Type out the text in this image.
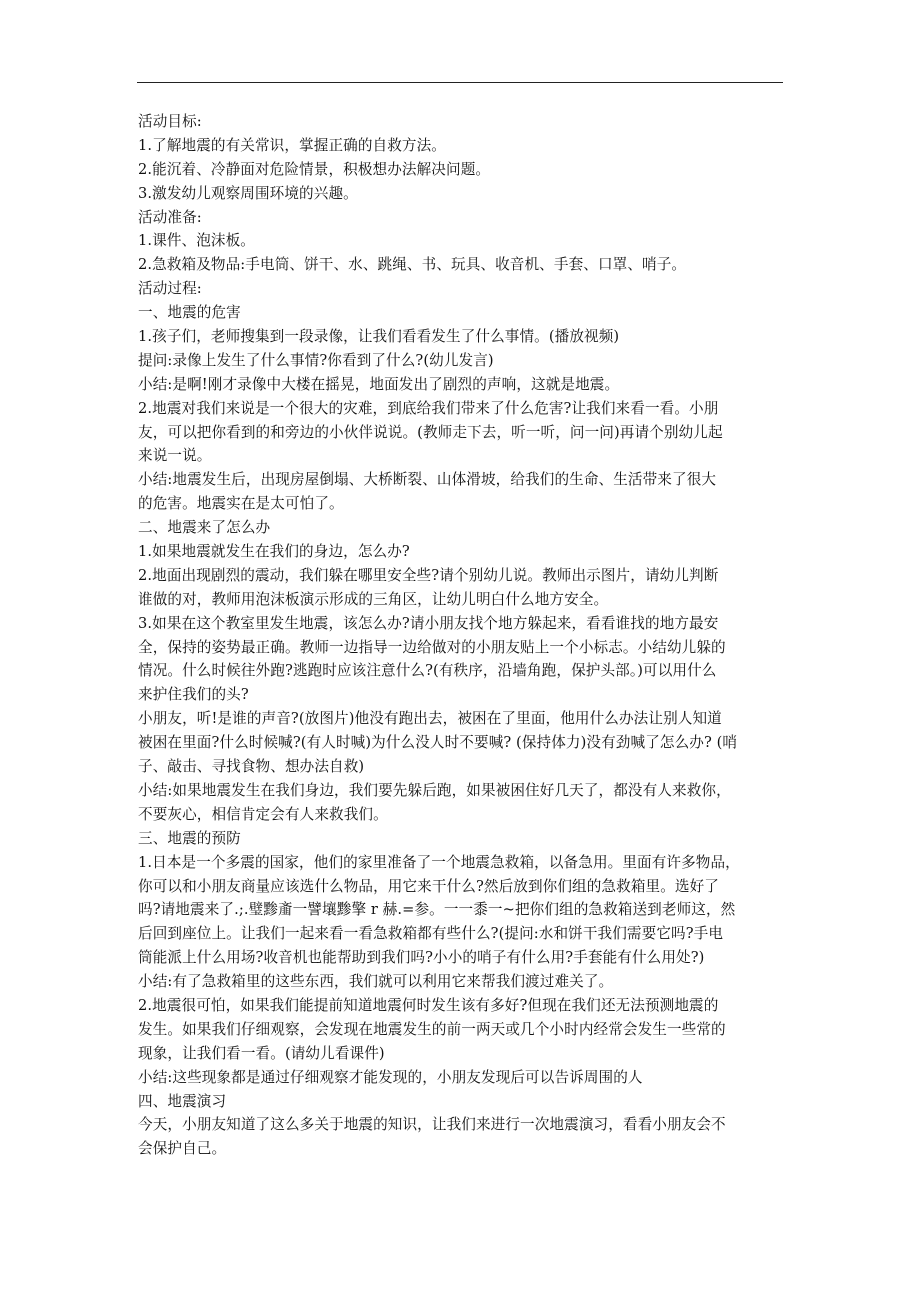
活动目标:
1.了解地震的有关常识，掌握正确的自救方法。
2.能沉着、冷静面对危险情景，积极想办法解决问题。
3.激发幼儿观察周围环境的兴趣。
活动准备:
1.课件、泡沫板。
2.急救箱及物品:手电筒、饼干、水、跳绳、书、玩具、收音机、手套、口罩、哨子。
活动过程:
一、地震的危害
1.孩子们，老师搜集到一段录像，让我们看看发生了什么事情。(播放视频)
提问:录像上发生了什么事情?你看到了什么?(幼儿发言)
小结:是啊!刚才录像中大楼在摇晃，地面发出了剧烈的声响，这就是地震。
2.地震对我们来说是一个很大的灾难，到底给我们带来了什么危害?让我们来看一看。小朋
友，可以把你看到的和旁边的小伙伴说说。(教师走下去，听一听，问一问)再请个别幼儿起
来说一说。
小结:地震发生后，出现房屋倒塌、大桥断裂、山体滑坡，给我们的生命、生活带来了很大
的危害。地震实在是太可怕了。
二、地震来了怎么办
1.如果地震就发生在我们的身边，怎么办?
2.地面出现剧烈的震动，我们躲在哪里安全些?请个别幼儿说。教师出示图片，请幼儿判断
谁做的对，教师用泡沫板演示形成的三角区，让幼儿明白什么地方安全。
3.如果在这个教室里发生地震，该怎么办?请小朋友找个地方躲起来，看看谁找的地方最安
全，保持的姿势最正确。教师一边指导一边给做对的小朋友贴上一个小标志。小结幼儿躲的
情况。什么时候往外跑?逃跑时应该注意什么?(有秩序，沿墙角跑，保护头部。)可以用什么
来护住我们的头?
小朋友，听!是谁的声音?(放图片)他没有跑出去，被困在了里面，他用什么办法让别人知道
被困在里面?什么时候喊?(有人时喊)为什么没人时不要喊? (保持体力)没有劲喊了怎么办? (哨
子、敲击、寻找食物、想办法自救)
小结:如果地震发生在我们身边，我们要先躲后跑，如果被困住好几天了，都没有人来救你，
不要灰心，相信肯定会有人来救我们。
三、地震的预防
1.日本是一个多震的国家，他们的家里准备了一个地震急救箱，以备急用。里面有许多物品，
你可以和小朋友商量应该选什么物品，用它来干什么?然后放到你们组的急救箱里。选好了
吗?请地震来了.;.璧黪齑一譬壤黪擎 r 赫.=参。一一黍一~把你们组的急救箱送到老师这，然
后回到座位上。让我们一起来看一看急救箱都有些什么?(提问:水和饼干我们需要它吗?手电
筒能派上什么用场?收音机也能帮助到我们吗?小小的哨子有什么用?手套能有什么用处?)
小结:有了急救箱里的这些东西，我们就可以利用它来帮我们渡过难关了。
2.地震很可怕，如果我们能提前知道地震何时发生该有多好?但现在我们还无法预测地震的
发生。如果我们仔细观察，会发现在地震发生的前一两天或几个小时内经常会发生一些常的
现象，让我们看一看。(请幼儿看课件)
小结:这些现象都是通过仔细观察才能发现的，小朋友发现后可以告诉周围的人
四、地震演习
今天，小朋友知道了这么多关于地震的知识，让我们来进行一次地震演习，看看小朋友会不
会保护自己。
